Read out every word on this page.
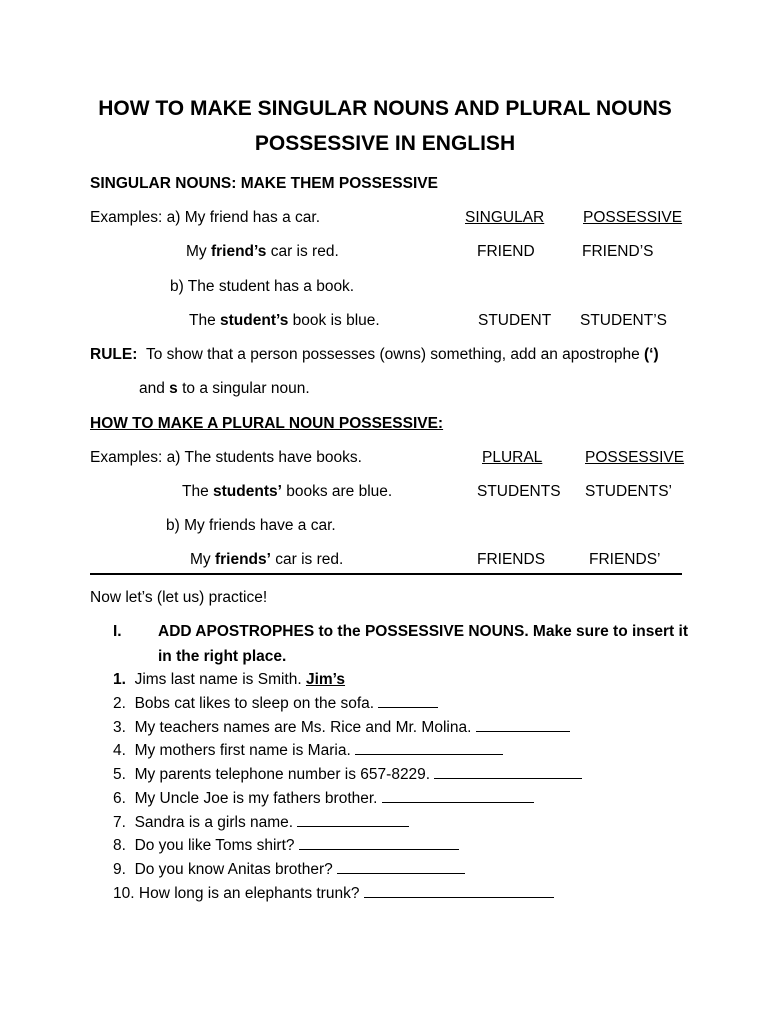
HOW TO MAKE SINGULAR NOUNS AND PLURAL NOUNS
POSSESSIVE IN ENGLISH
SINGULAR NOUNS: MAKE THEM POSSESSIVE
Examples: a) My friend has a car.	SINGULAR	POSSESSIVE
My friend’s car is red.	FRIEND	FRIEND’S
b) The student has a book.
The student’s book is blue.	STUDENT STUDENT’S
RULE: To show that a person possesses (owns) something, add an apostrophe (‘)
and s to a singular noun.
HOW TO MAKE A PLURAL NOUN POSSESSIVE:
Examples: a) The students have books.	PLURAL	POSSESSIVE
The students’ books are blue.	STUDENTS STUDENTS’
b) My friends have a car.
My friends’ car is red.	FRIENDS	FRIENDS’
Now let’s (let us) practice!
I. ADD APOSTROPHES to the POSSESSIVE NOUNS. Make sure to insert it
in the right place.
1. Jims last name is Smith. Jim’s
2. Bobs cat likes to sleep on the sofa.
3. My teachers names are Ms. Rice and Mr. Molina.
4. My mothers first name is Maria.
5. My parents telephone number is 657-8229.
6. My Uncle Joe is my fathers brother.
7. Sandra is a girls name.
8. Do you like Toms shirt?
9. Do you know Anitas brother?
10. How long is an elephants trunk?
